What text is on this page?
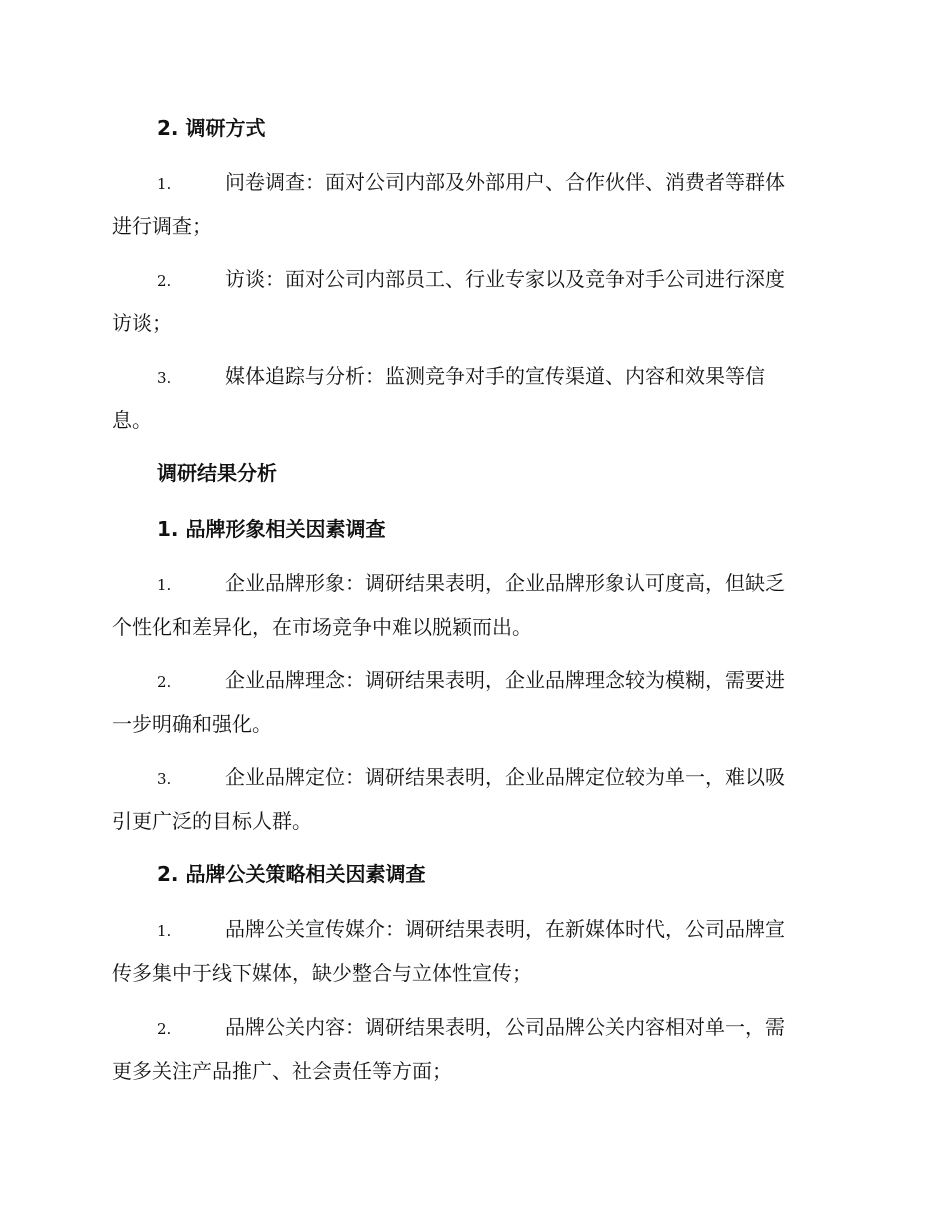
2. 调研方式
1.	问卷调查：面对公司内部及外部用户、合作伙伴、消费者等群体
进行调查；
2.	访谈：面对公司内部员工、行业专家以及竞争对手公司进行深度
访谈；
3.	媒体追踪与分析：监测竞争对手的宣传渠道、内容和效果等信
息。
调研结果分析
1. 品牌形象相关因素调查
1.	企业品牌形象：调研结果表明，企业品牌形象认可度高，但缺乏
个性化和差异化，在市场竞争中难以脱颖而出。
2.	企业品牌理念：调研结果表明，企业品牌理念较为模糊，需要进
一步明确和强化。
3.	企业品牌定位：调研结果表明，企业品牌定位较为单一，难以吸
引更广泛的目标人群。
2. 品牌公关策略相关因素调查
1.	品牌公关宣传媒介：调研结果表明，在新媒体时代，公司品牌宣
传多集中于线下媒体，缺少整合与立体性宣传；
2.	品牌公关内容：调研结果表明，公司品牌公关内容相对单一，需
更多关注产品推广、社会责任等方面；
